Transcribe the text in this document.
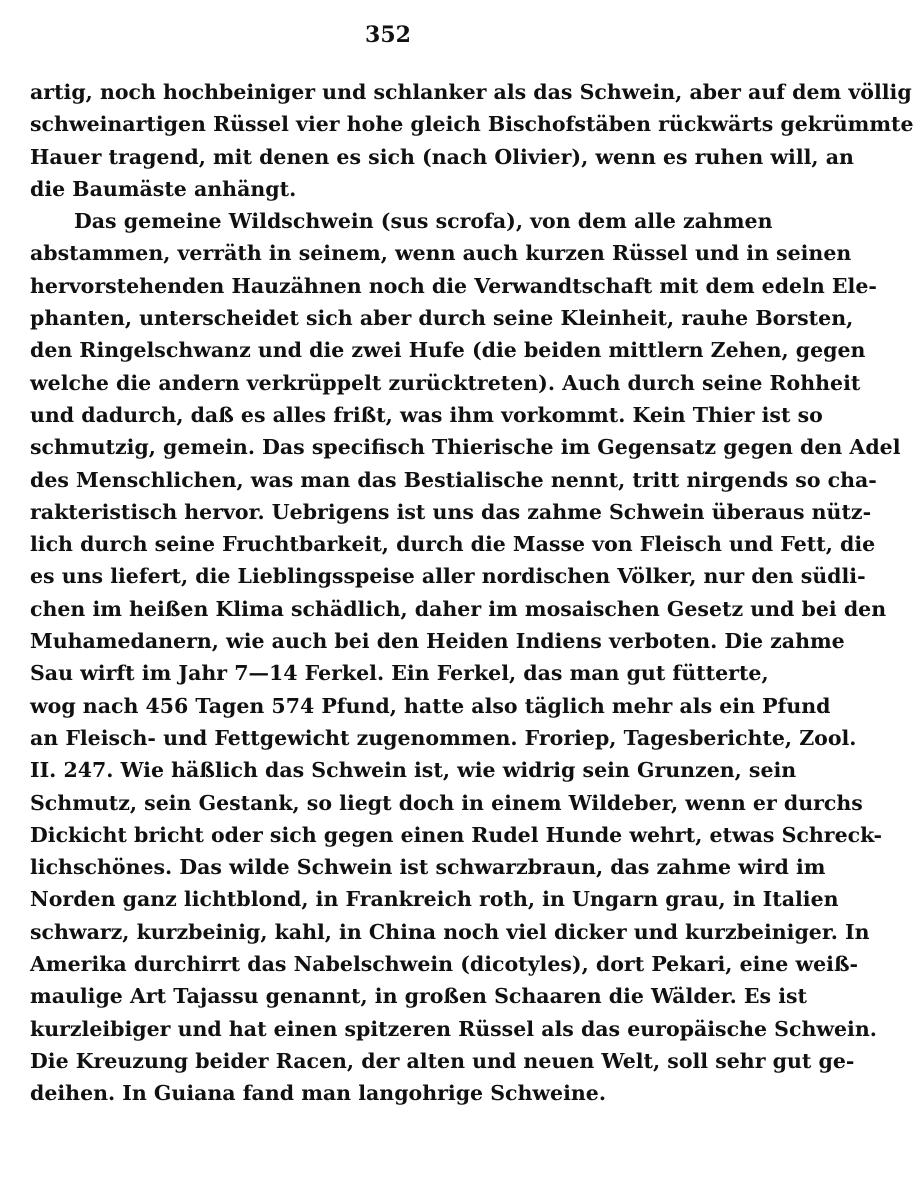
352
artig, noch hochbeiniger und schlanker als das Schwein, aber auf dem völlig
schweinartigen Rüssel vier hohe gleich Bischofstäben rückwärts gekrümmte
Hauer tragend, mit denen es sich (nach Olivier), wenn es ruhen will, an
die Baumäste anhängt.
Das gemeine Wildschwein (sus scrofa), von dem alle zahmen
abstammen, verräth in seinem, wenn auch kurzen Rüssel und in seinen
hervorstehenden Hauzähnen noch die Verwandtschaft mit dem edeln Ele-
phanten, unterscheidet sich aber durch seine Kleinheit, rauhe Borsten,
den Ringelschwanz und die zwei Hufe (die beiden mittlern Zehen, gegen
welche die andern verkrüppelt zurücktreten). Auch durch seine Rohheit
und dadurch, daß es alles frißt, was ihm vorkommt. Kein Thier ist so
schmutzig, gemein. Das specifisch Thierische im Gegensatz gegen den Adel
des Menschlichen, was man das Bestialische nennt, tritt nirgends so cha-
rakteristisch hervor. Uebrigens ist uns das zahme Schwein überaus nütz-
lich durch seine Fruchtbarkeit, durch die Masse von Fleisch und Fett, die
es uns liefert, die Lieblingsspeise aller nordischen Völker, nur den südli-
chen im heißen Klima schädlich, daher im mosaischen Gesetz und bei den
Muhamedanern, wie auch bei den Heiden Indiens verboten. Die zahme
Sau wirft im Jahr 7—14 Ferkel. Ein Ferkel, das man gut fütterte,
wog nach 456 Tagen 574 Pfund, hatte also täglich mehr als ein Pfund
an Fleisch- und Fettgewicht zugenommen. Froriep, Tagesberichte, Zool.
II. 247. Wie häßlich das Schwein ist, wie widrig sein Grunzen, sein
Schmutz, sein Gestank, so liegt doch in einem Wildeber, wenn er durchs
Dickicht bricht oder sich gegen einen Rudel Hunde wehrt, etwas Schreck-
lichschönes. Das wilde Schwein ist schwarzbraun, das zahme wird im
Norden ganz lichtblond, in Frankreich roth, in Ungarn grau, in Italien
schwarz, kurzbeinig, kahl, in China noch viel dicker und kurzbeiniger. In
Amerika durchirrt das Nabelschwein (dicotyles), dort Pekari, eine weiß-
maulige Art Tajassu genannt, in großen Schaaren die Wälder. Es ist
kurzleibiger und hat einen spitzeren Rüssel als das europäische Schwein.
Die Kreuzung beider Racen, der alten und neuen Welt, soll sehr gut ge-
deihen. In Guiana fand man langohrige Schweine.
